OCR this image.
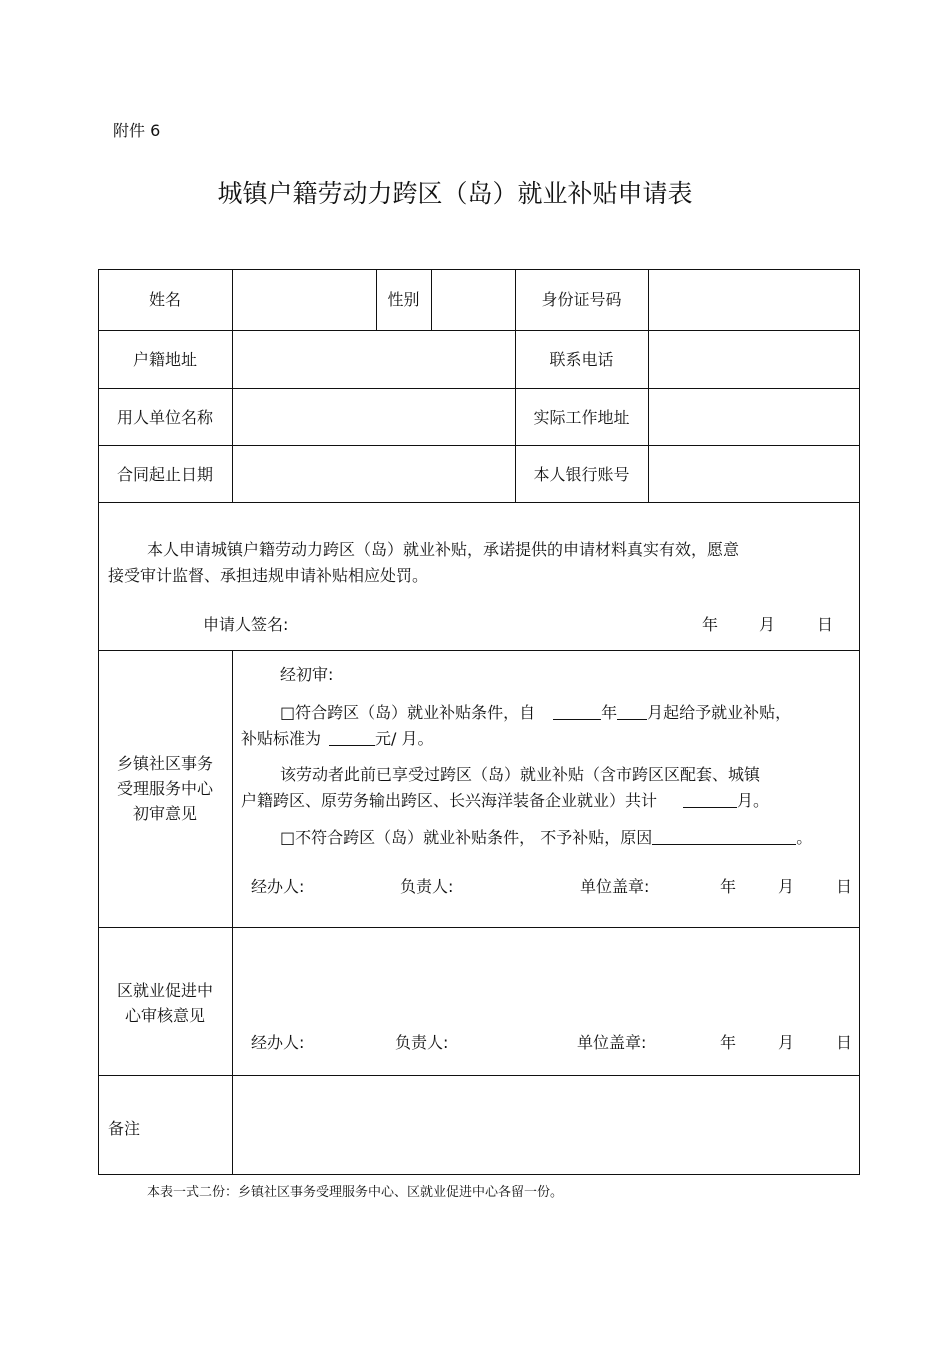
附件 6
城镇户籍劳动力跨区（岛）就业补贴申请表
姓名	性别	身份证号码
户籍地址	联系电话
用人单位名称	实际工作地址
合同起止日期	本人银行账号
本人申请城镇户籍劳动力跨区（岛）就业补贴，承诺提供的申请材料真实有效，愿意
接受审计监督、承担违规申请补贴相应处罚。
申请人签名:	年	月	日
乡镇社区事务
受理服务中心
初审意见
经初审:
□符合跨区（岛）就业补贴条件，自	年 月起给予就业补贴，
补贴标准为	元/ 月。
该劳动者此前已享受过跨区（岛）就业补贴（含市跨区区配套、城镇
户籍跨区、原劳务输出跨区、长兴海洋装备企业就业）共计	月。
□不符合跨区（岛）就业补贴条件， 不予补贴，原因	。
经办人:	负责人:	单位盖章:	年	月	日
区就业促进中
心审核意见
经办人:	负责人:	单位盖章:	年	月	日
备注
本表一式二份：乡镇社区事务受理服务中心、区就业促进中心各留一份。
